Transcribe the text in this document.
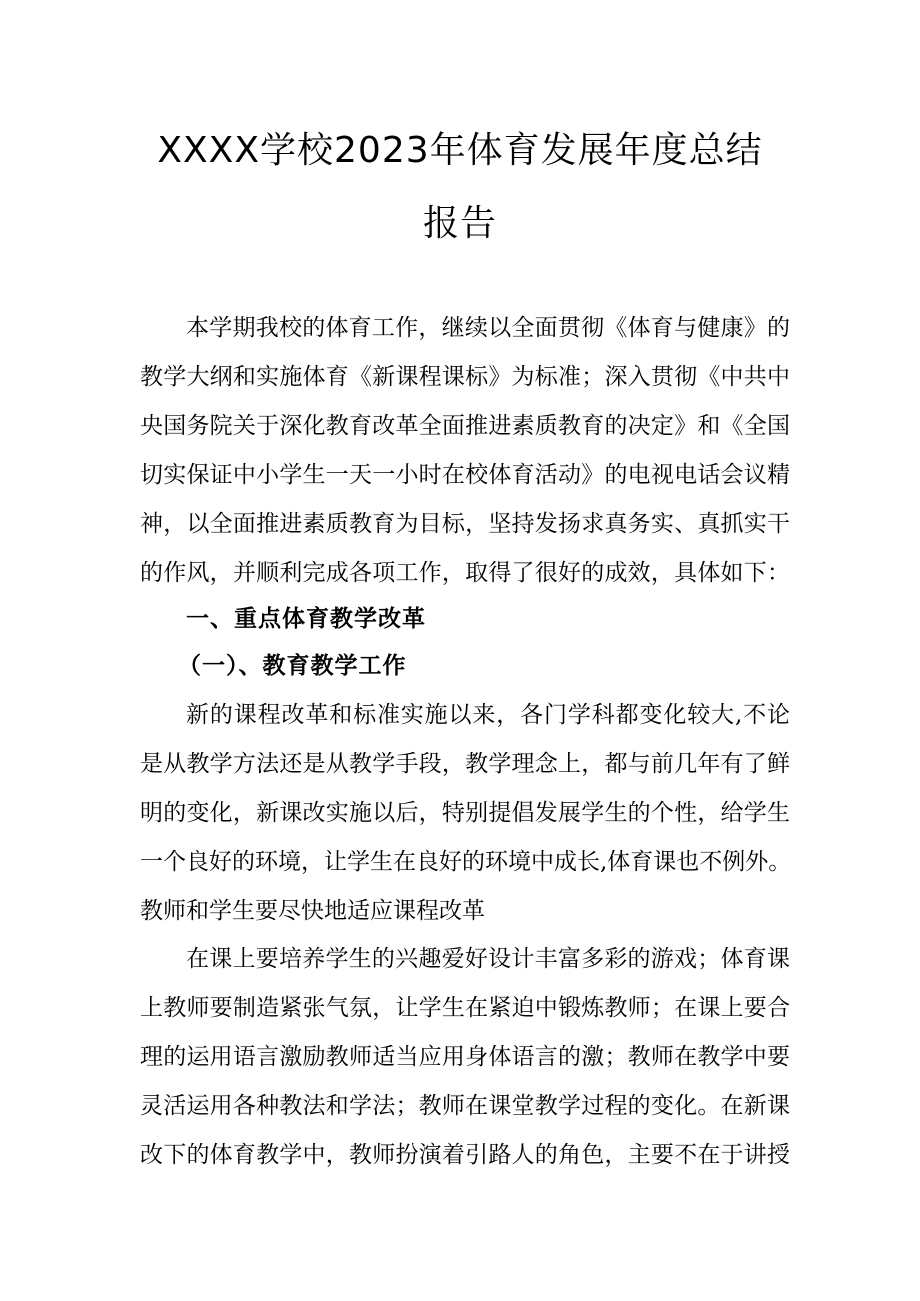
XXXX学校2023年体育发展年度总结
报告
本学期我校的体育工作，继续以全面贯彻《体育与健康》的
教学大纲和实施体育《新课程课标》为标准；深入贯彻《中共中
央国务院关于深化教育改革全面推进素质教育的决定》和《全国
切实保证中小学生一天一小时在校体育活动》的电视电话会议精
神，以全面推进素质教育为目标，坚持发扬求真务实、真抓实干
的作风，并顺利完成各项工作，取得了很好的成效，具体如下：
一、重点体育教学改革
（一）、教育教学工作
新的课程改革和标准实施以来，各门学科都变化较大,不论
是从教学方法还是从教学手段，教学理念上，都与前几年有了鲜
明的变化，新课改实施以后，特别提倡发展学生的个性，给学生
一个良好的环境，让学生在良好的环境中成长,体育课也不例外。
教师和学生要尽快地适应课程改革
在课上要培养学生的兴趣爱好设计丰富多彩的游戏；体育课
上教师要制造紧张气氛，让学生在紧迫中锻炼教师；在课上要合
理的运用语言激励教师适当应用身体语言的激；教师在教学中要
灵活运用各种教法和学法；教师在课堂教学过程的变化。在新课
改下的体育教学中，教师扮演着引路人的角色，主要不在于讲授
